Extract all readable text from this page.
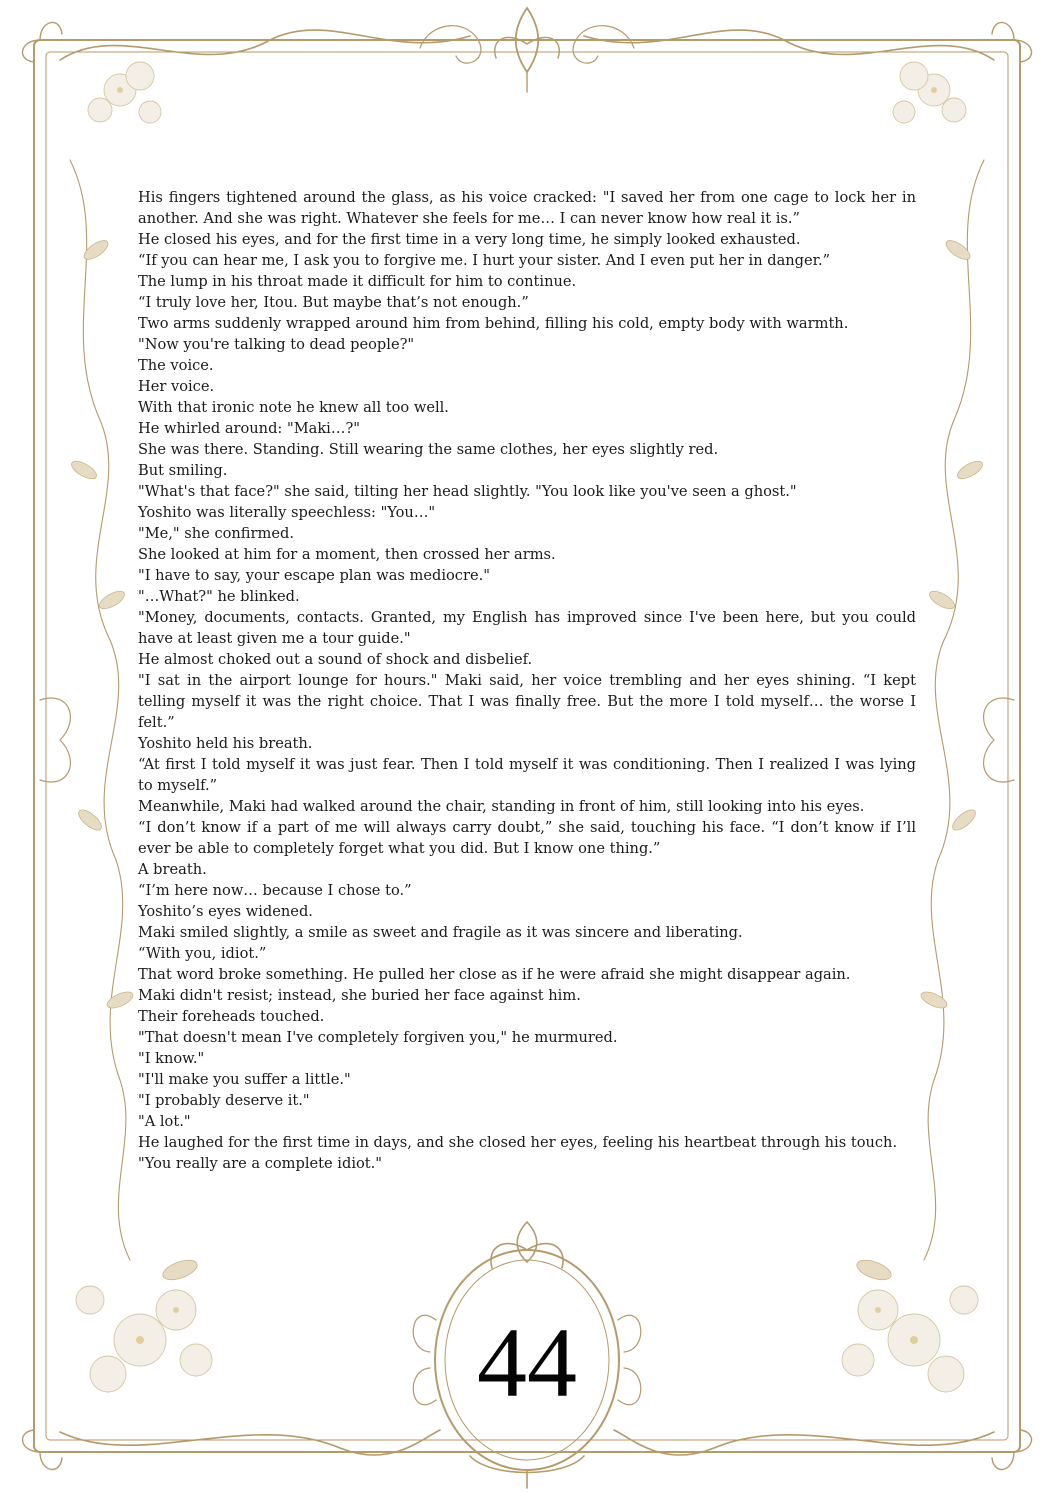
His fingers tightened around the glass, as his voice cracked: "I saved her from one cage to lock her in another. And she was right. Whatever she feels for me… I can never know how real it is.”

He closed his eyes, and for the first time in a very long time, he simply looked exhausted.

“If you can hear me, I ask you to forgive me. I hurt your sister. And I even put her in danger.”

The lump in his throat made it difficult for him to continue.

“I truly love her, Itou. But maybe that’s not enough.”

Two arms suddenly wrapped around him from behind, filling his cold, empty body with warmth.

"Now you're talking to dead people?"

The voice.

Her voice.

With that ironic note he knew all too well.

He whirled around: "Maki…?"

She was there. Standing. Still wearing the same clothes, her eyes slightly red.

But smiling.

"What's that face?" she said, tilting her head slightly. "You look like you've seen a ghost."

Yoshito was literally speechless: "You…"

"Me," she confirmed.

She looked at him for a moment, then crossed her arms.

"I have to say, your escape plan was mediocre."

"…What?" he blinked.

"Money, documents, contacts. Granted, my English has improved since I've been here, but you could have at least given me a tour guide."

He almost choked out a sound of shock and disbelief.

"I sat in the airport lounge for hours." Maki said, her voice trembling and her eyes shining. “I kept telling myself it was the right choice. That I was finally free. But the more I told myself… the worse I felt.”

Yoshito held his breath.

“At first I told myself it was just fear. Then I told myself it was conditioning. Then I realized I was lying to myself.”

Meanwhile, Maki had walked around the chair, standing in front of him, still looking into his eyes.

“I don’t know if a part of me will always carry doubt,” she said, touching his face. “I don’t know if I’ll ever be able to completely forget what you did. But I know one thing.”

A breath.

“I’m here now… because I chose to.”

Yoshito’s eyes widened.

Maki smiled slightly, a smile as sweet and fragile as it was sincere and liberating.

“With you, idiot.”

That word broke something. He pulled her close as if he were afraid she might disappear again.

Maki didn't resist; instead, she buried her face against him.

Their foreheads touched.

"That doesn't mean I've completely forgiven you," he murmured.

"I know."

"I'll make you suffer a little."

"I probably deserve it."

"A lot."

He laughed for the first time in days, and she closed her eyes, feeling his heartbeat through his touch.

"You really are a complete idiot."

44
